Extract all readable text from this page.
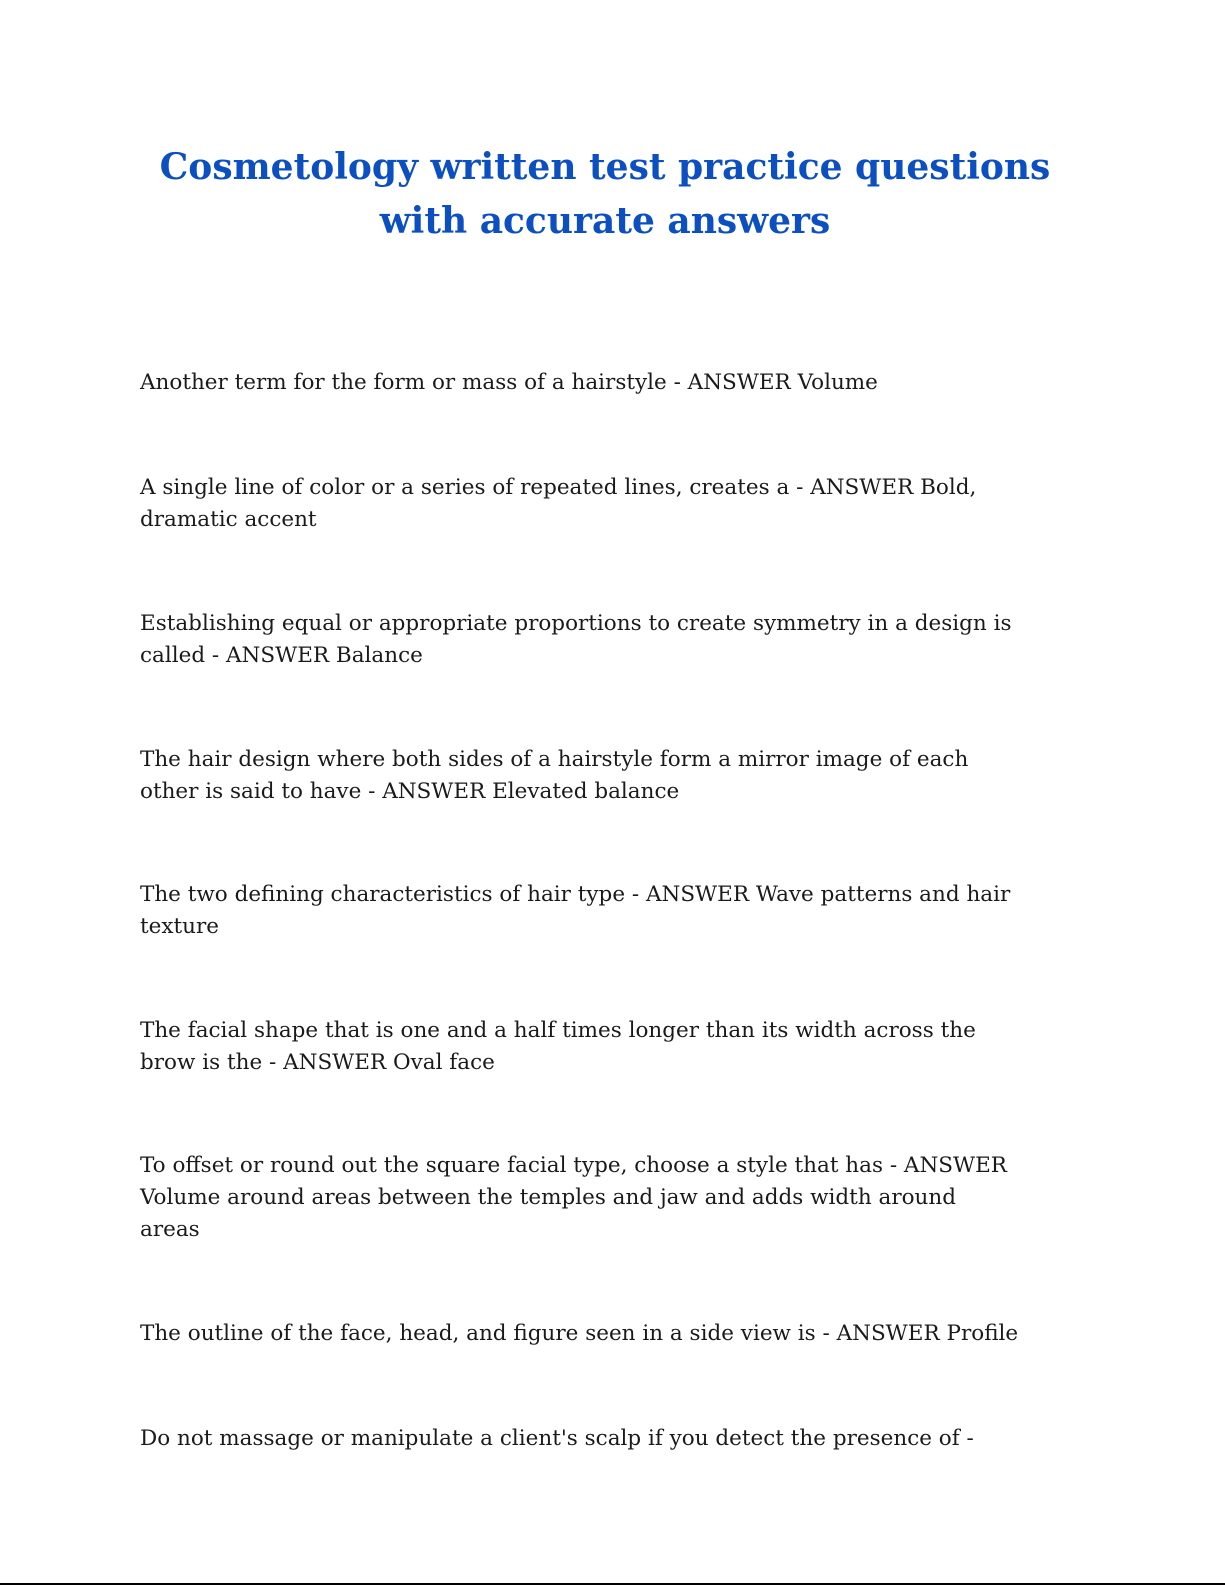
Cosmetology written test practice questions
with accurate answers

Another term for the form or mass of a hairstyle - ANSWER Volume

A single line of color or a series of repeated lines, creates a - ANSWER Bold,
dramatic accent

Establishing equal or appropriate proportions to create symmetry in a design is
called - ANSWER Balance

The hair design where both sides of a hairstyle form a mirror image of each
other is said to have - ANSWER Elevated balance

The two defining characteristics of hair type - ANSWER Wave patterns and hair
texture

The facial shape that is one and a half times longer than its width across the
brow is the - ANSWER Oval face

To offset or round out the square facial type, choose a style that has - ANSWER
Volume around areas between the temples and jaw and adds width around
areas

The outline of the face, head, and figure seen in a side view is - ANSWER Profile

Do not massage or manipulate a client's scalp if you detect the presence of -
